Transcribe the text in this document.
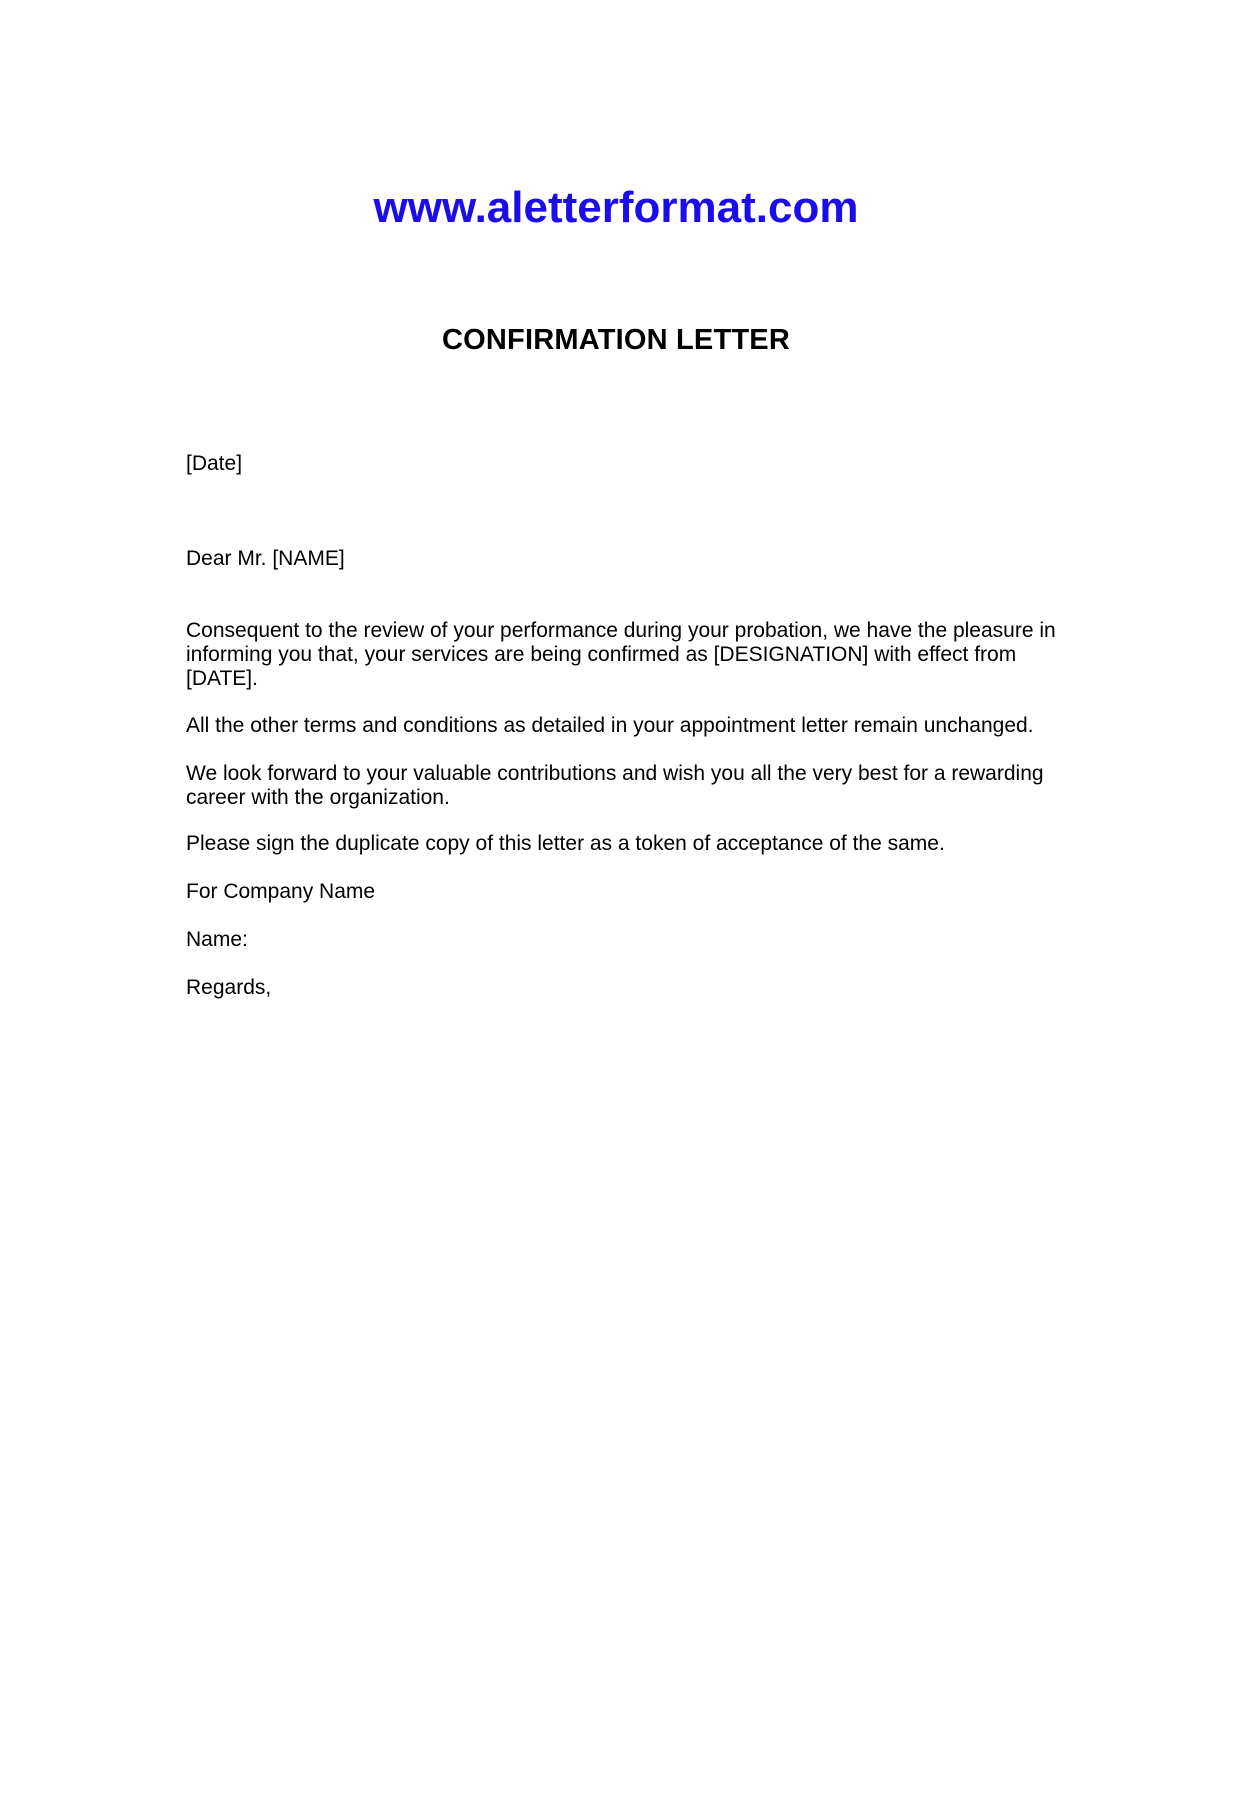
www.aletterformat.com
CONFIRMATION LETTER

[Date]

Dear Mr. [NAME]

Consequent to the review of your performance during your probation, we have the pleasure in informing you that, your services are being confirmed as [DESIGNATION] with effect from [DATE].

All the other terms and conditions as detailed in your appointment letter remain unchanged.

We look forward to your valuable contributions and wish you all the very best for a rewarding career with the organization.

Please sign the duplicate copy of this letter as a token of acceptance of the same.

For Company Name

Name:

Regards,
